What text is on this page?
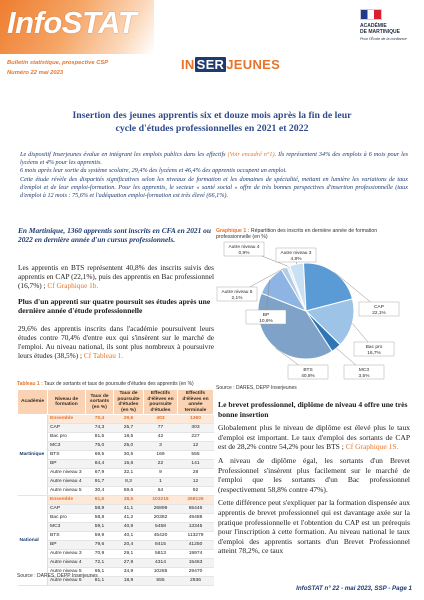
InfoSTAT
Bulletin statistique, prospective CSP
Numéro 22 mai 2023
IN SER JEUNES
ACADÉMIE
DE MARTINIQUE
Pour l'École de la confiance
Insertion des jeunes apprentis six et douze mois après la fin de leur
cycle d'études professionnelles en 2021 et 2022

Le dispositif Inserjeunes évalue en intégrant les emplois publics dans les effectifs (Voir encadré n°1). Ils représentent 34% des emplois à 6 mois pour les lycéens et 4% pour les apprentis.

6 mois après leur sortie du système scolaire, 29,4% des lycéens et 46,4% des apprentis occupent un emploi.

Cette étude révèle des disparités significatives selon les niveaux de formation et les domaines de spécialité, mettant en lumière les variations de taux d'emploi et de leur emploi-formation. Pour les apprentis, le secteur « santé social » offre de très bonnes perspectives d'insertion professionnelle (taux d'emploi à 12 mois : 75,6% et l'adéquation emploi-formation est très élevé (66,1%).

En Martinique, 1360 apprentis sont inscrits en CFA en 2021 ou 2022 en dernière année d'un cursus professionnels.

Les apprentis en BTS représentent 40,8% des inscrits suivis des apprentis en CAP (22,1%), puis des apprentis en Bac professionnel (16,7%) ; Cf Graphique 1b.

Plus d'un apprenti sur quatre poursuit ses études après une dernière année d'étude professionnelle

29,6% des apprentis inscrits dans l'académie poursuivent leurs études contre 70,4% d'entre eux qui s'insèrent sur le marché de l'emploi. Au niveau national, ils sont plus nombreux à poursuivre leurs études (38,5%) ; Cf Tableau 1.

Graphique 1 : Répartition des inscrits en dernière année de formation professionnelle (en %)
Autre niveau 3
4,8%
CAP
22,1%
Bac pro
16,7%
MC3
3,5%
BTS
40,8%
BP
10,6%
Autre niveau 5
2,1%
Autre niveau 4
0,9%
Source : DARES, DEPP Inserjeunes
Tableau 1 : Taux de sortants et taux de poursuite d'études des apprentis (en %)
Académie	Niveau de formation	Taux de sortants (en %)	Taux de poursuite d'études (en %)	Effectifs d'élèves en poursuite d'études	Effectifs d'élèves en année terminale
Martinique	Ensemble	70,4	29,6	403	1360
	CAP	74,3	25,7	77	303
	Bac pro	81,5	18,5	42	227
	MC3	75,0	25,0	3	12
	BTS	69,5	30,5	169	555
	BP	84,4	15,6	22	141
	Autre niveau 3	67,9	32,1	9	28
	Autre niveau 4	91,7	8,3	1	12
	Autre niveau 5	30,4	69,6	64	92
National	Ensemble	61,5	38,5	103216	268126
	CAP	58,9	41,1	26899	65446
	Bac pro	58,8	41,2	20382	49488
	MC3	59,1	40,9	5458	13345
	BTS	59,9	40,1	45420	113279
	BP	79,6	20,4	8415	41250
	Autre niveau 3	70,9	29,1	5813	19974
	Autre niveau 4	72,1	27,9	4314	15463
	Autre niveau 5	65,1	34,9	10285	29470
	Autre niveau 6	81,1	18,9	555	2936
Source : DARES, DEPP Inserjeunes

Le brevet professionnel, diplôme de niveau 4 offre une très bonne insertion

Globalement plus le niveau de diplôme est élevé plus le taux d'emploi est important. Le taux d'emploi des sortants de CAP est de 28,2% contre 54,2% pour les BTS ; Cf Graphique 1S.

A niveau de diplôme égal, les sortants d'un Brevet Professionnel s'insèrent plus facilement sur le marché de l'emploi que les sortants d'un Bac professionnel (respectivement 58,8% contre 47%).

Cette différence peut s'expliquer par la formation dispensée aux apprentis de brevet professionnel qui est davantage axée sur la pratique professionnelle et l'obtention du CAP est un prérequis pour l'inscription à cette formation. Au niveau national le taux d'emploi des apprentis sortants d'un Brevet Professionnel atteint 78,2%, ce taux

InfoSTAT n° 22 - mai 2023, SSP - Page 1
